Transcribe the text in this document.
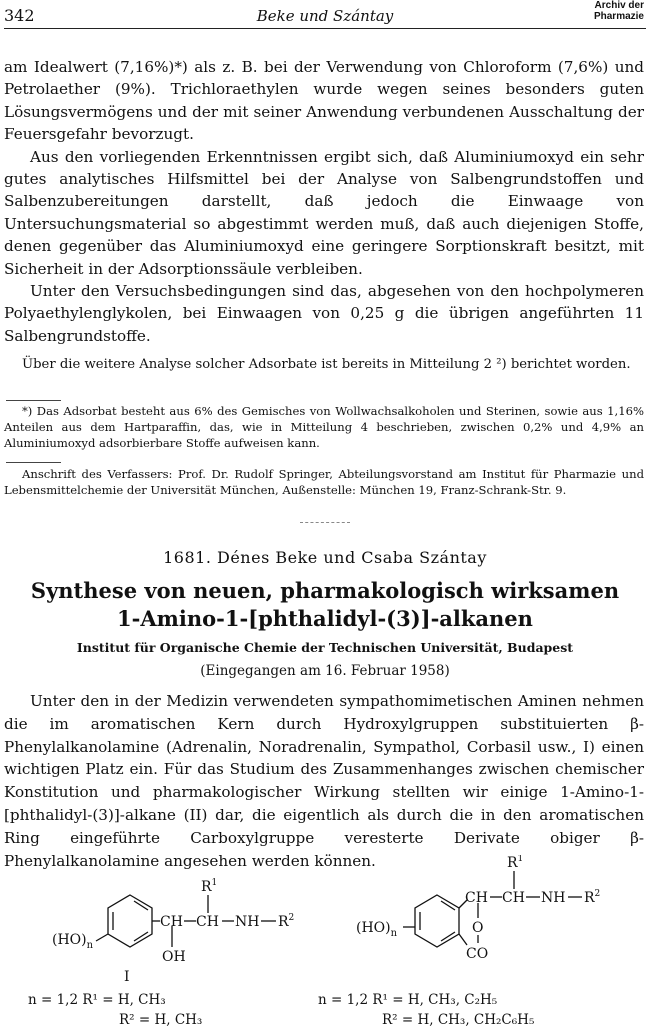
342	Beke und Szántay
Archiv der
Pharmazie

am Idealwert (7,16%)*) als z. B. bei der Verwendung von Chloroform (7,6%) und Petrolaether (9%). Trichloraethylen wurde wegen seines besonders guten Lösungsvermögens und der mit seiner Anwendung verbundenen Ausschaltung der Feuersgefahr bevorzugt.

Aus den vorliegenden Erkenntnissen ergibt sich, daß Aluminiumoxyd ein sehr gutes analytisches Hilfsmittel bei der Analyse von Salbengrundstoffen und Salbenzubereitungen darstellt, daß jedoch die Einwaage von Untersuchungsmaterial so abgestimmt werden muß, daß auch diejenigen Stoffe, denen gegenüber das Aluminiumoxyd eine geringere Sorptionskraft besitzt, mit Sicherheit in der Adsorptionssäule verbleiben.

Unter den Versuchsbedingungen sind das, abgesehen von den hochpolymeren Polyaethylenglykolen, bei Einwaagen von 0,25 g die übrigen angeführten 11 Salbengrundstoffe.

Über die weitere Analyse solcher Adsorbate ist bereits in Mitteilung 2 ²) berichtet worden.

*) Das Adsorbat besteht aus 6% des Gemisches von Wollwachsalkoholen und Sterinen, sowie aus 1,16% Anteilen aus dem Hartparaffin, das, wie in Mitteilung 4 beschrieben, zwischen 0,2% und 4,9% an Aluminiumoxyd adsorbierbare Stoffe aufweisen kann.

Anschrift des Verfassers: Prof. Dr. Rudolf Springer, Abteilungsvorstand am Institut für Pharmazie und Lebensmittelchemie der Universität München, Außenstelle: München 19, Franz-Schrank-Str. 9.

1681. Dénes Beke und Csaba Szántay
Synthese von neuen, pharmakologisch wirksamen
1-Amino-1-[phthalidyl-(3)]-alkanen
Institut für Organische Chemie der Technischen Universität, Budapest
(Eingegangen am 16. Februar 1958)

Unter den in der Medizin verwendeten sympathomimetischen Aminen nehmen die im aromatischen Kern durch Hydroxylgruppen substituierten β-Phenylalkanolamine (Adrenalin, Noradrenalin, Sympathol, Corbasil usw., I) einen wichtigen Platz ein. Für das Studium des Zusammenhanges zwischen chemischer Konstitution und pharmakologischer Wirkung stellten wir einige 1-Amino-1-[phthalidyl-(3)]-alkane (II) dar, die eigentlich als durch die in den aromatischen Ring eingeführte Carboxylgruppe veresterte Derivate obiger β-Phenylalkanolamine angesehen werden können.

$(HO)_n$
CH CH NH $R^2$
$R^1$
OH
I
$(HO)_n$
CH CH NH $R^2$
$R^1$
O
CO
n = 1,2 R¹ = H, CH₃
R² = H, CH₃
n = 1,2 R¹ = H, CH₃, C₂H₅
R² = H, CH₃, CH₂C₆H₅
